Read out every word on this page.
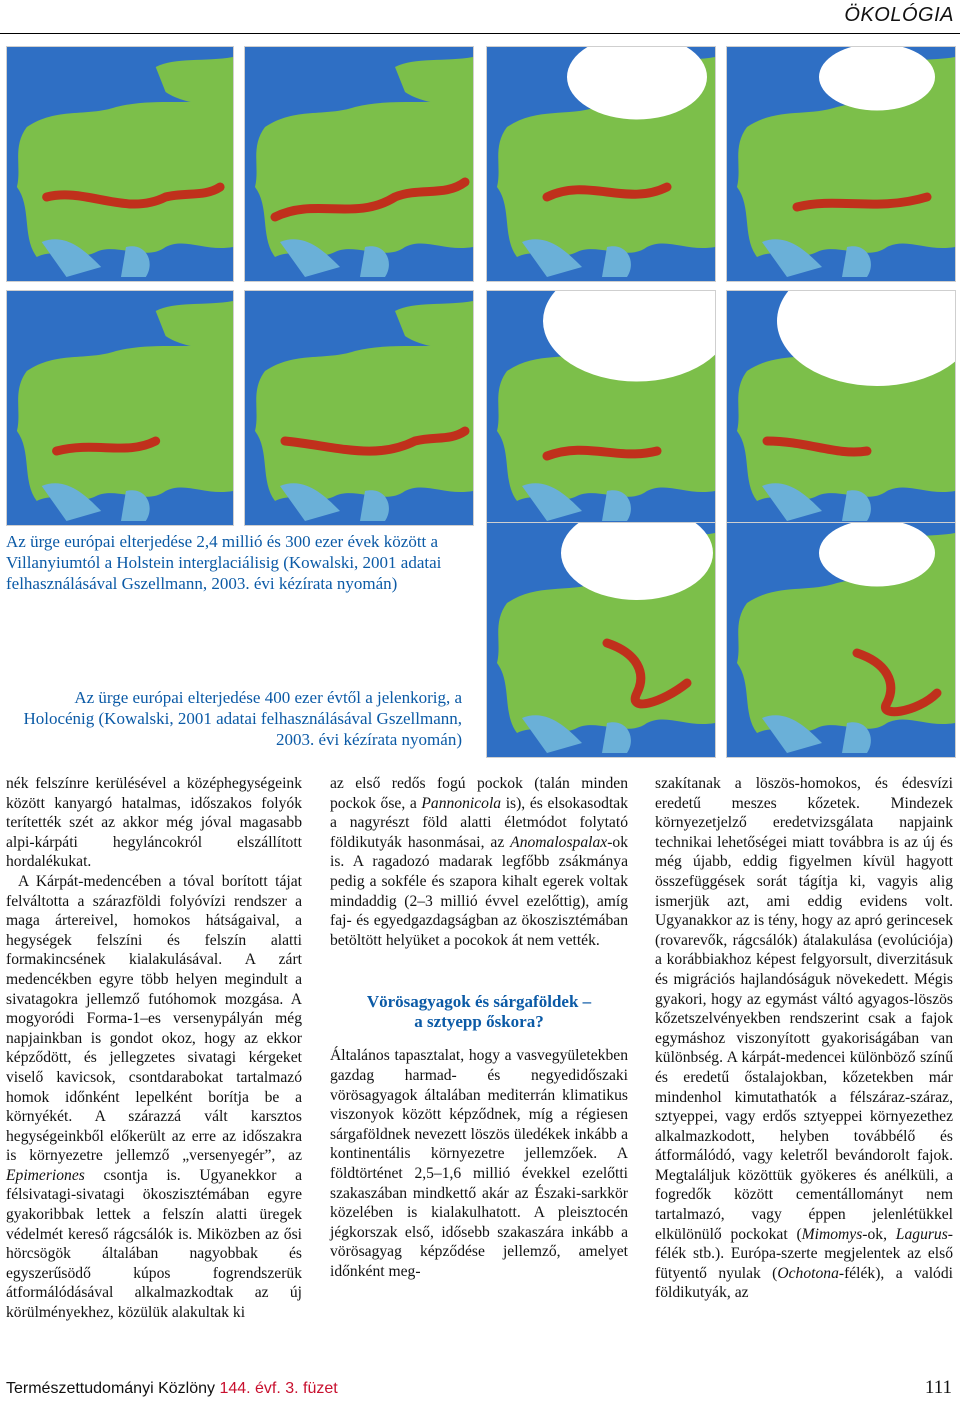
ÖKOLÓGIA
Az ürge európai elterjedése 2,4 millió és 300 ezer évek között a Villanyiumtól a Holstein interglaciálisig (Kowalski, 2001 adatai felhasználásával Gszellmann, 2003. évi kézírata nyomán)
Az ürge európai elterjedése 400 ezer évtől a jelenkorig, a Holocénig (Kowalski, 2001 adatai felhasználásával Gszellmann, 2003. évi kézírata nyomán)

nék felszínre kerülésével a középhegységeink között kanyargó hatalmas, időszakos folyók terítették szét az akkor még jóval magasabb alpi-kárpáti hegyláncokról elszállított hordalékukat.

A Kárpát-medencében a tóval borított tájat felváltotta a szárazföldi folyóvízi rendszer a maga ártereivel, homokos hátságaival, a hegységek felszíni és felszín alatti formakincsének kialakulásával. A zárt medencékben egyre több helyen megindult a sivatagokra jellemző futóhomok mozgása. A mogyoródi Forma-1–es versenypályán még napjainkban is gondot okoz, hogy az ekkor képződött, és jellegzetes sivatagi kérgeket viselő kavicsok, csontdarabokat tartalmazó homok időnként lepelként borítja be a környékét. A szárazzá vált karsztos hegységeinkből előkerült az erre az időszakra is környezetre jellemző „versenyegér”, az Epimeriones csontja is. Ugyanekkor a félsivatagi-sivatagi ökoszisztémában egyre gyakoribbak lettek a felszín alatti üregek védelmét kereső rágcsálók is. Miközben az ősi hörcsögök általában nagyobbak és egyszerűsödő kúpos fogrendszerük átformálódásával alkalmazkodtak az új körülményekhez, közülük alakultak ki

az első redős fogú pockok (talán minden pockok őse, a Pannonicola is), és elsokasodtak a nagyrészt föld alatti életmódot folytató földikutyák hasonmásai, az Anomalospalax-ok is. A ragadozó madarak legfőbb zsákmánya pedig a sokféle és szapora kihalt egerek voltak mindaddig (2–3 millió évvel ezelőttig), amíg faj- és egyedgazdagságban az ökoszisztémában betöltött helyüket a pocokok át nem vették.

Vörösagyagok és sárgaföldek –
a sztyepp őskora?

Általános tapasztalat, hogy a vasvegyületekben gazdag harmad- és negyedidőszaki vörösagyagok általában mediterrán klimatikus viszonyok között képződnek, míg a régiesen sárgaföldnek nevezett löszös üledékek inkább a kontinentális környezetre jellemzőek. A földtörténet 2,5–1,6 millió évekkel ezelőtti szakaszában mindkettő akár az Északi-sarkkör közelében is kialakulhatott. A pleisztocén jégkorszak első, idősebb szakaszára inkább a vörösagyag képződése jellemző, amelyet időnként meg-

szakítanak a löszös-homokos, és édesvízi eredetű meszes kőzetek. Mindezek környezetjelző eredetvizsgálata napjaink technikai lehetőségei miatt továbbra is az új és még újabb, eddig figyelmen kívül hagyott összefüggések sorát tágítja ki, vagyis alig ismerjük azt, ami eddig evidens volt. Ugyanakkor az is tény, hogy az apró gerincesek (rovarevők, rágcsálók) átalakulása (evolúciója) a korábbiakhoz képest felgyorsult, diverzitásuk és migrációs hajlandóságuk növekedett. Mégis gyakori, hogy az egymást váltó agyagos-löszös kőzetszelvényekben rendszerint csak a fajok egymáshoz viszonyított gyakoriságában van különbség. A kárpát-medencei különböző színű és eredetű őstalajokban, kőzetekben már mindenhol kimutathatók a félszáraz-száraz, sztyeppei, vagy erdős sztyeppei környezethez alkalmazkodott, helyben továbbélő és átformálódó, vagy keletről bevándorolt fajok. Megtaláljuk közöttük gyökeres és anélküli, a fogredők között cementállományt nem tartalmazó, vagy éppen jelenlétükkel elkülönülő pockokat (Mimomys-ok, Lagurus-félék stb.). Európa-szerte megjelentek az első fütyentő nyulak (Ochotona-félék), a valódi földikutyák, az

Természettudományi Közlöny 144. évf. 3. füzet	111
